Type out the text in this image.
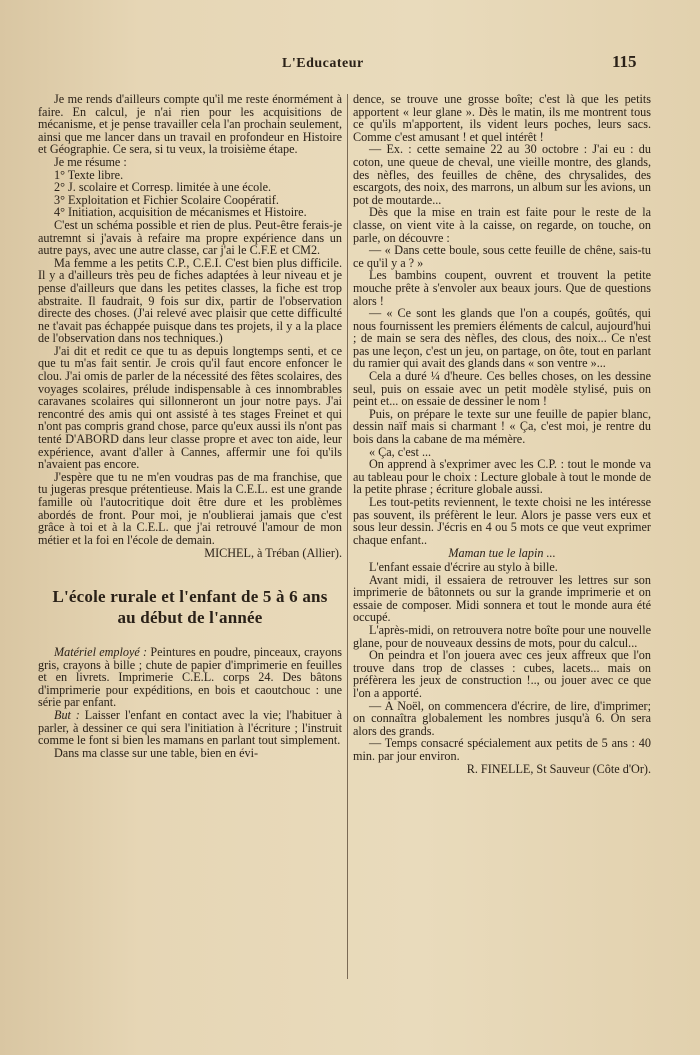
L'Educateur	115

Je me rends d'ailleurs compte qu'il me reste énormément à faire. En calcul, je n'ai rien pour les acquisitions de mécanisme, et je pense travailler cela l'an prochain seulement, ainsi que me lancer dans un travail en profondeur en Histoire et Géographie. Ce sera, si tu veux, la troisième étape.

Je me résume :

1° Texte libre.

2° J. scolaire et Corresp. limitée à une école.

3° Exploitation et Fichier Scolaire Coopératif.

4° Initiation, acquisition de mécanismes et Histoire.

C'est un schéma possible et rien de plus. Peut-être ferais-je autremnt si j'avais à refaire ma propre expérience dans un autre pays, avec une autre classe, car j'ai le C.F.E et CM2.

Ma femme a les petits C.P., C.E.I. C'est bien plus difficile. Il y a d'ailleurs très peu de fiches adaptées à leur niveau et je pense d'ailleurs que dans les petites classes, la fiche est trop abstraite. Il faudrait, 9 fois sur dix, partir de l'observation directe des choses. (J'ai relevé avec plaisir que cette difficulté ne t'avait pas échappée puisque dans tes projets, il y a la place de l'observation dans nos techniques.)

J'ai dit et redit ce que tu as depuis longtemps senti, et ce que tu m'as fait sentir. Je crois qu'il faut encore enfoncer le clou. J'ai omis de parler de la nécessité des fêtes scolaires, des voyages scolaires, prélude indispensable à ces innombrables caravanes scolaires qui sillonneront un jour notre pays. J'ai rencontré des amis qui ont assisté à tes stages Freinet et qui n'ont pas compris grand chose, parce qu'eux aussi ils n'ont pas tenté D'ABORD dans leur classe propre et avec ton aide, leur expérience, avant d'aller à Cannes, affermir une foi qu'ils n'avaient pas encore.

J'espère que tu ne m'en voudras pas de ma franchise, que tu jugeras presque prétentieuse. Mais la C.E.L. est une grande famille où l'autocritique doit être dure et les problèmes abordés de front. Pour moi, je n'oublierai jamais que c'est grâce à toi et à la C.E.L. que j'ai retrouvé l'amour de mon métier et la foi en l'école de demain.

MICHEL, à Tréban (Allier).

L'école rurale et l'enfant de 5 à 6 ans
au début de l'année

Matériel employé : Peintures en poudre, pinceaux, crayons gris, crayons à bille ; chute de papier d'imprimerie en feuilles et en livrets. Imprimerie C.E.L. corps 24. Des bâtons d'imprimerie pour expéditions, en bois et caoutchouc : une série par enfant.

But : Laisser l'enfant en contact avec la vie; l'habituer à parler, à dessiner ce qui sera l'initiation à l'écriture ; l'instruit comme le font si bien les mamans en parlant tout simplement.

Dans ma classe sur une table, bien en évi-

dence, se trouve une grosse boîte; c'est là que les petits apportent « leur glane ». Dès le matin, ils me montrent tous ce qu'ils m'apportent, ils vident leurs poches, leurs sacs. Comme c'est amusant ! et quel intérêt !

— Ex. : cette semaine 22 au 30 octobre : J'ai eu : du coton, une queue de cheval, une vieille montre, des glands, des nèfles, des feuilles de chêne, des chrysalides, des escargots, des noix, des marrons, un album sur les avions, un pot de moutarde...

Dès que la mise en train est faite pour le reste de la classe, on vient vite à la caisse, on regarde, on touche, on parle, on découvre :

— « Dans cette boule, sous cette feuille de chêne, sais-tu ce qu'il y a ? »

Les bambins coupent, ouvrent et trouvent la petite mouche prête à s'envoler aux beaux jours. Que de questions alors !

— « Ce sont les glands que l'on a coupés, goûtés, qui nous fournissent les premiers éléments de calcul, aujourd'hui ; de main se sera des nèfles, des clous, des noix... Ce n'est pas une leçon, c'est un jeu, on partage, on ôte, tout en parlant du ramier qui avait des glands dans « son ventre »...

Cela a duré ¼ d'heure. Ces belles choses, on les dessine seul, puis on essaie avec un petit modèle stylisé, puis on peint et... on essaie de dessiner le nom !

Puis, on prépare le texte sur une feuille de papier blanc, dessin naïf mais si charmant ! « Ça, c'est moi, je rentre du bois dans la cabane de ma mémère.

« Ça, c'est ...

On apprend à s'exprimer avec les C.P. : tout le monde va au tableau pour le choix : Lecture globale à tout le monde de la petite phrase ; écriture globale aussi.

Les tout-petits reviennent, le texte choisi ne les intéresse pas souvent, ils préfèrent le leur. Alors je passe vers eux et sous leur dessin. J'écris en 4 ou 5 mots ce que veut exprimer chaque enfant..

Maman tue le lapin ...

L'enfant essaie d'écrire au stylo à bille.

Avant midi, il essaiera de retrouver les lettres sur son imprimerie de bâtonnets ou sur la grande imprimerie et on essaie de composer. Midi sonnera et tout le monde aura été occupé.

L'après-midi, on retrouvera notre boîte pour une nouvelle glane, pour de nouveaux dessins de mots, pour du calcul...

On peindra et l'on jouera avec ces jeux affreux que l'on trouve dans trop de classes : cubes, lacets... mais on préfèrera les jeux de construction !.., ou jouer avec ce que l'on a apporté.

— A Noël, on commencera d'écrire, de lire, d'imprimer; on connaîtra globalement les nombres jusqu'à 6. On sera alors des grands.

— Temps consacré spécialement aux petits de 5 ans : 40 min. par jour environ.

R. FINELLE, St Sauveur (Côte d'Or).
